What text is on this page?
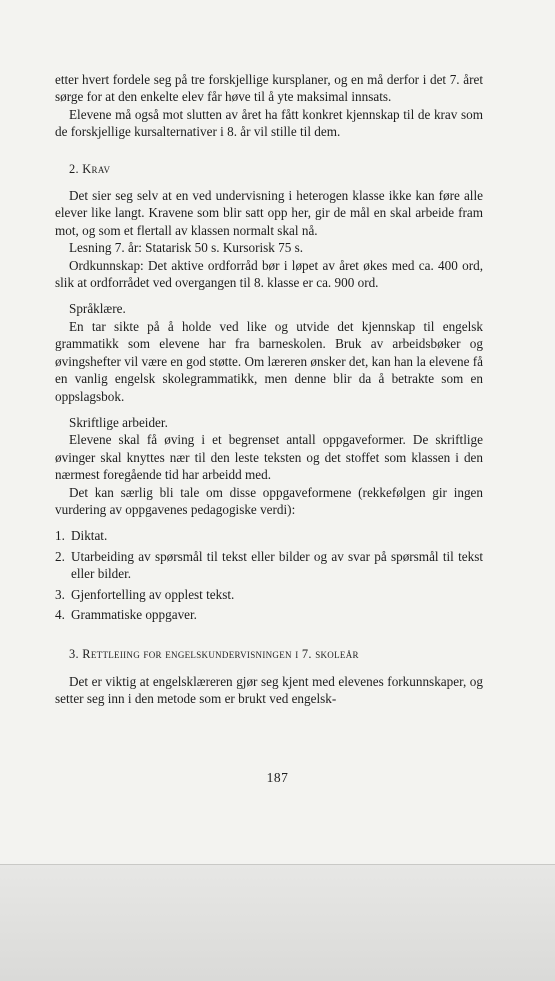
etter hvert fordele seg på tre forskjellige kursplaner, og en må derfor i det 7. året sørge for at den enkelte elev får høve til å yte maksimal innsats.

Elevene må også mot slutten av året ha fått konkret kjennskap til de krav som de forskjellige kursalternativer i 8. år vil stille til dem.

2. Krav

Det sier seg selv at en ved undervisning i heterogen klasse ikke kan føre alle elever like langt. Kravene som blir satt opp her, gir de mål en skal arbeide fram mot, og som et flertall av klassen normalt skal nå.

Lesning 7. år: Statarisk 50 s. Kursorisk 75 s.

Ordkunnskap: Det aktive ordforråd bør i løpet av året økes med ca. 400 ord, slik at ordforrådet ved overgangen til 8. klasse er ca. 900 ord.

Språklære.

En tar sikte på å holde ved like og utvide det kjennskap til engelsk grammatikk som elevene har fra barneskolen. Bruk av arbeidsbøker og øvingshefter vil være en god støtte. Om læreren ønsker det, kan han la elevene få en vanlig engelsk skolegrammatikk, men denne blir da å betrakte som en oppslagsbok.

Skriftlige arbeider.

Elevene skal få øving i et begrenset antall oppgaveformer. De skriftlige øvinger skal knyttes nær til den leste teksten og det stoffet som klassen i den nærmest foregående tid har arbeidd med.

Det kan særlig bli tale om disse oppgaveformene (rekkefølgen gir ingen vurdering av oppgavenes pedagogiske verdi):

1. Diktat.
2. Utarbeiding av spørsmål til tekst eller bilder og av svar på spørsmål til tekst eller bilder.
3. Gjenfortelling av opplest tekst.
4. Grammatiske oppgaver.

3. Rettleiing for engelskundervisningen i 7. skoleår

Det er viktig at engelsklæreren gjør seg kjent med elevenes forkunnskaper, og setter seg inn i den metode som er brukt ved engelsk-

187
